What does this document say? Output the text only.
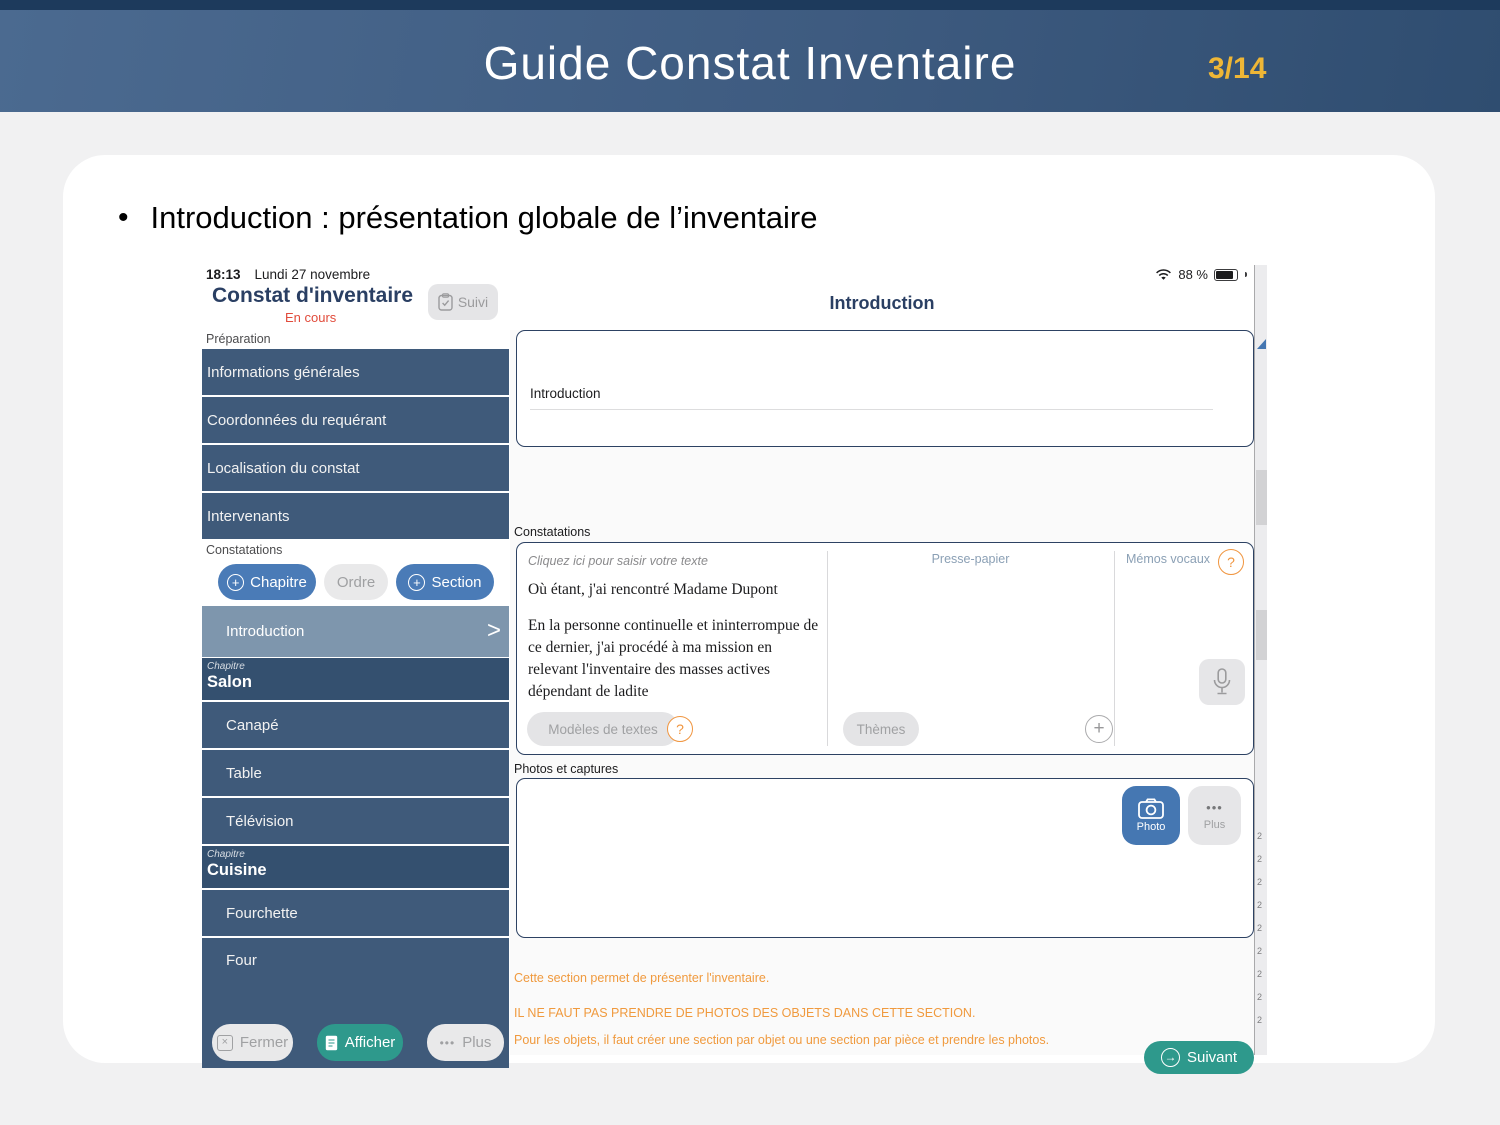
Guide Constat Inventaire	3/14
• Introduction : présentation globale de l’inventaire
18:13 Lundi 27 novembre	88 %
Constat d'inventaire
En cours
Suivi	Introduction
Préparation
Informations générales
Coordonnées du requérant
Localisation du constat
Intervenants
Constatations
+ Chapitre Ordre	+ Section
Introduction	>
Chapitre
Salon
Canapé
Table
Télévision
Chapitre
Cuisine
Fourchette
Four
× Fermer	Afficher	••• Plus
Introduction
Constatations
Cliquez ici pour saisir votre texte

Où étant, j'ai rencontré Madame Dupont

En la personne continuelle et ininterrompue de ce dernier, j'ai procédé à ma mission en relevant l'inventaire des masses actives dépendant de ladite

Modèles de textes	?
Presse-papier
Thèmes	+
Mémos vocaux	?
Photos et captures
Photo
•••
Plus
Cette section permet de présenter l'inventaire.
IL NE FAUT PAS PRENDRE DE PHOTOS DES OBJETS DANS CETTE SECTION.
Pour les objets, il faut créer une section par objet ou une section par pièce et prendre les photos.
→ Suivant
2
2
2
2
2
2
2
2
2
